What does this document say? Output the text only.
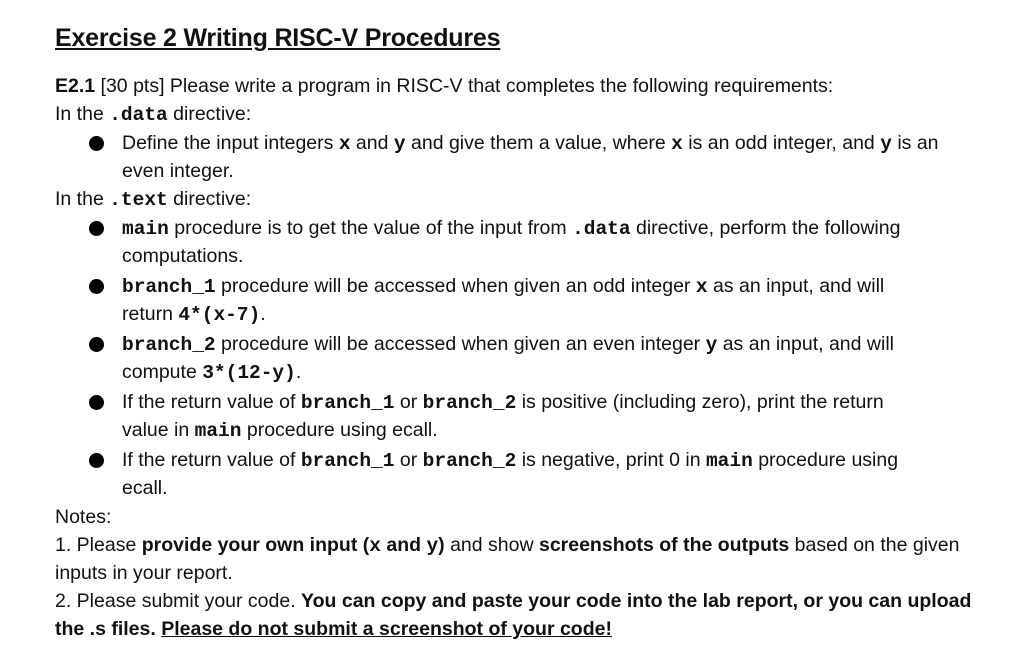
Exercise 2 Writing RISC-V Procedures
E2.1 [30 pts] Please write a program in RISC-V that completes the following requirements:
In the .data directive:
Define the input integers x and y and give them a value, where x is an odd integer, and y is an
even integer.
In the .text directive:
main procedure is to get the value of the input from .data directive, perform the following
computations.
branch_1 procedure will be accessed when given an odd integer x as an input, and will
return 4*(x-7).
branch_2 procedure will be accessed when given an even integer y as an input, and will
compute 3*(12-y).
If the return value of branch_1 or branch_2 is positive (including zero), print the return
value in main procedure using ecall.
If the return value of branch_1 or branch_2 is negative, print 0 in main procedure using
ecall.
Notes:
1. Please provide your own input (x and y) and show screenshots of the outputs based on the given
inputs in your report.
2. Please submit your code. You can copy and paste your code into the lab report, or you can upload
the .s files. Please do not submit a screenshot of your code!
